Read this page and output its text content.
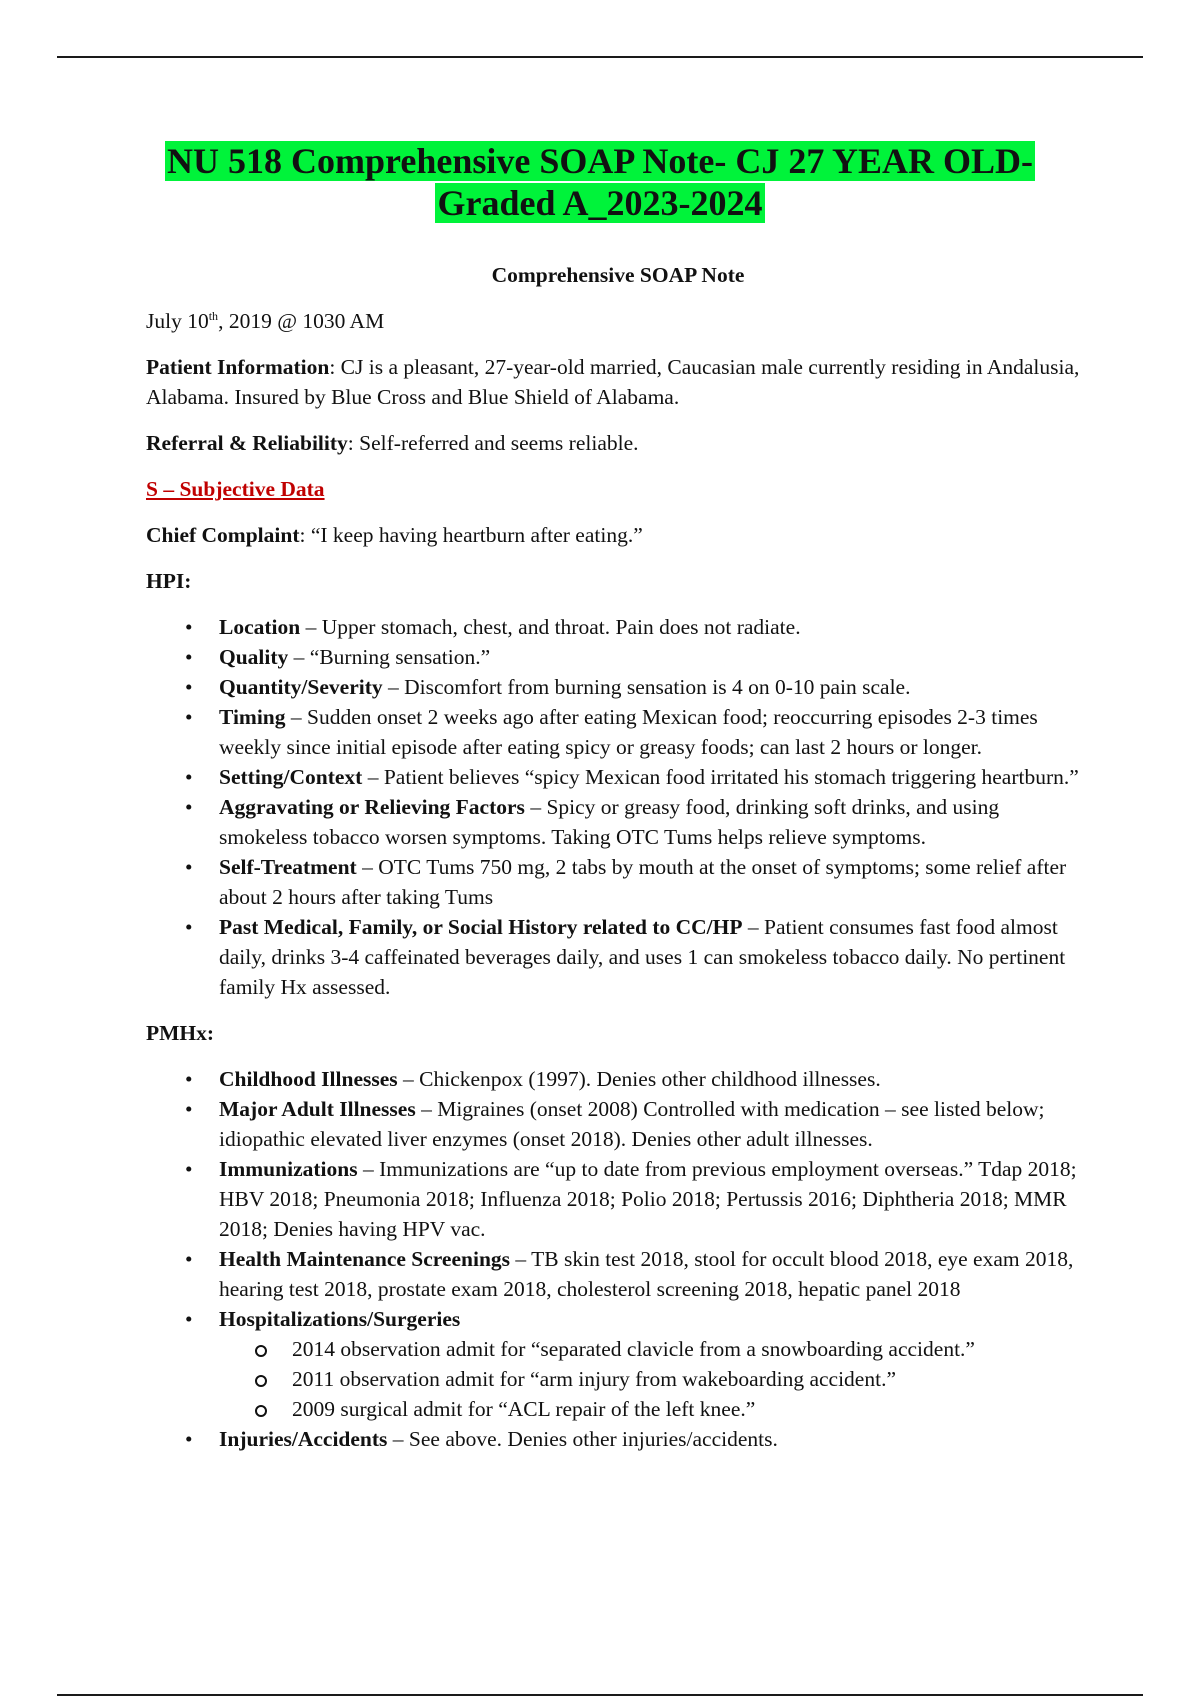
NU 518 Comprehensive SOAP Note- CJ 27 YEAR OLD-
Graded A_2023-2024

Comprehensive SOAP Note

July 10th, 2019 @ 1030 AM

Patient Information: CJ is a pleasant, 27-year-old married, Caucasian male currently residing in Andalusia, Alabama. Insured by Blue Cross and Blue Shield of Alabama.

Referral & Reliability: Self-referred and seems reliable.

S – Subjective Data

Chief Complaint: “I keep having heartburn after eating.”

HPI:

• Location – Upper stomach, chest, and throat. Pain does not radiate.
• Quality – “Burning sensation.”
• Quantity/Severity – Discomfort from burning sensation is 4 on 0-10 pain scale.
• Timing – Sudden onset 2 weeks ago after eating Mexican food; reoccurring episodes 2-3 times weekly since initial episode after eating spicy or greasy foods; can last 2 hours or longer.
• Setting/Context – Patient believes “spicy Mexican food irritated his stomach triggering heartburn.”
• Aggravating or Relieving Factors – Spicy or greasy food, drinking soft drinks, and using smokeless tobacco worsen symptoms. Taking OTC Tums helps relieve symptoms.
• Self-Treatment – OTC Tums 750 mg, 2 tabs by mouth at the onset of symptoms; some relief after about 2 hours after taking Tums
• Past Medical, Family, or Social History related to CC/HP – Patient consumes fast food almost daily, drinks 3-4 caffeinated beverages daily, and uses 1 can smokeless tobacco daily. No pertinent family Hx assessed.

PMHx:

• Childhood Illnesses – Chickenpox (1997). Denies other childhood illnesses.
• Major Adult Illnesses – Migraines (onset 2008) Controlled with medication – see listed below; idiopathic elevated liver enzymes (onset 2018). Denies other adult illnesses.
• Immunizations – Immunizations are “up to date from previous employment overseas.” Tdap 2018; HBV 2018; Pneumonia 2018; Influenza 2018; Polio 2018; Pertussis 2016; Diphtheria 2018; MMR 2018; Denies having HPV vac.
• Health Maintenance Screenings – TB skin test 2018, stool for occult blood 2018, eye exam 2018, hearing test 2018, prostate exam 2018, cholesterol screening 2018, hepatic panel 2018
• Hospitalizations/Surgeries
2014 observation admit for “separated clavicle from a snowboarding accident.”
2011 observation admit for “arm injury from wakeboarding accident.”
2009 surgical admit for “ACL repair of the left knee.”
• Injuries/Accidents – See above. Denies other injuries/accidents.
